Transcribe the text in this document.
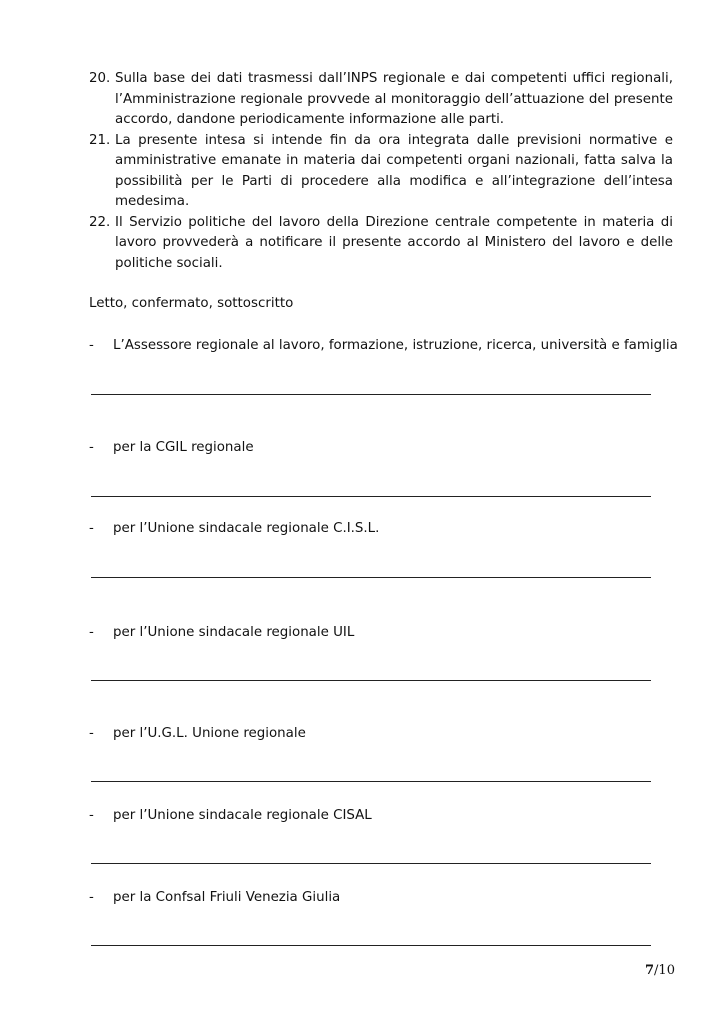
20. Sulla base dei dati trasmessi dall’INPS regionale e dai competenti uffici regionali, l’Amministrazione regionale provvede al monitoraggio dell’attuazione del presente accordo, dandone periodicamente informazione alle parti.

21. La presente intesa si intende fin da ora integrata dalle previsioni normative e amministrative emanate in materia dai competenti organi nazionali, fatta salva la possibilità per le Parti di procedere alla modifica e all’integrazione dell’intesa medesima.

22. Il Servizio politiche del lavoro della Direzione centrale competente in materia di lavoro provvederà a notificare il presente accordo al Ministero del lavoro e delle politiche sociali.

Letto, confermato, sottoscritto
- L’Assessore regionale al lavoro, formazione, istruzione, ricerca, università e famiglia
- per la CGIL regionale
- per l’Unione sindacale regionale C.I.S.L.
- per l’Unione sindacale regionale UIL
- per l’U.G.L. Unione regionale
- per l’Unione sindacale regionale CISAL
- per la Confsal Friuli Venezia Giulia
7/10
